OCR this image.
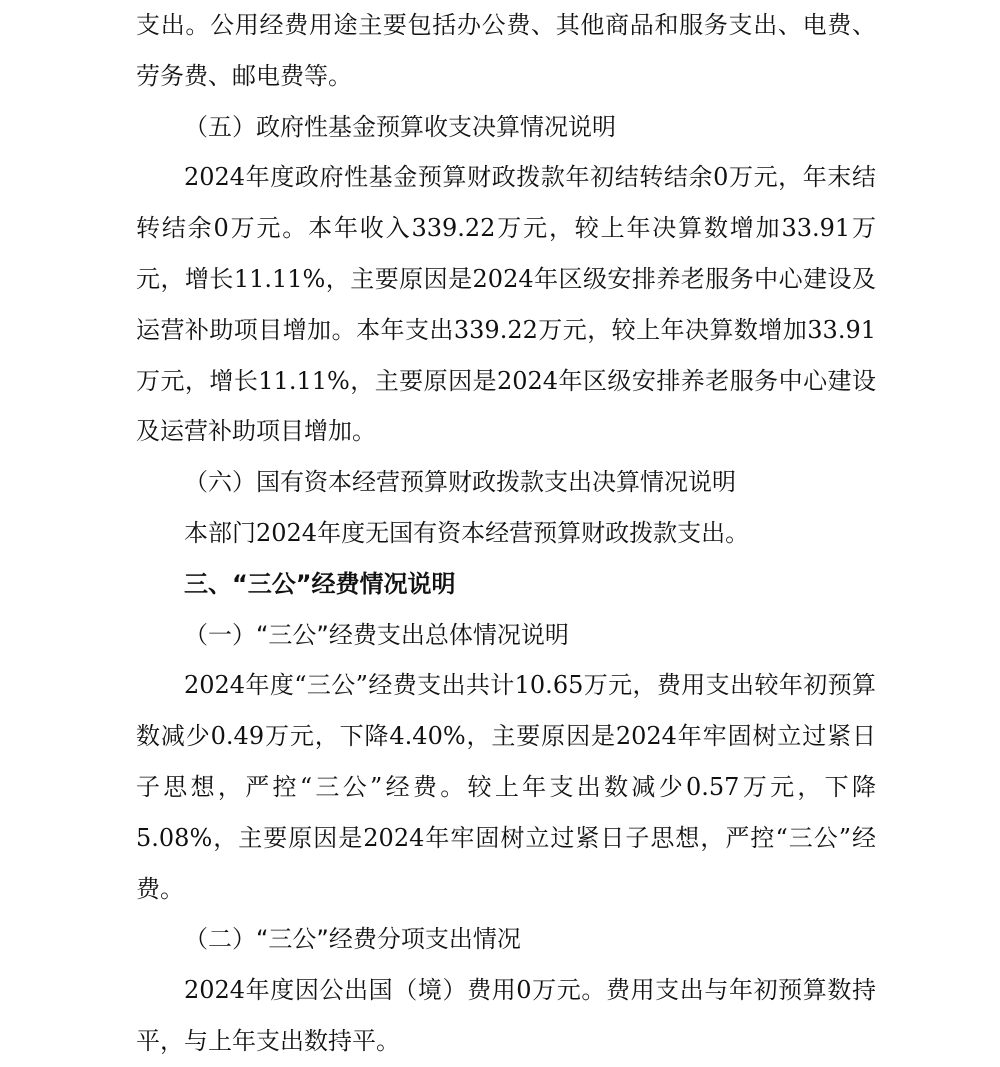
支出。公用经费用途主要包括办公费、其他商品和服务支出、电费、劳务费、邮电费等。

（五）政府性基金预算收支决算情况说明

2024年度政府性基金预算财政拨款年初结转结余0万元，年末结转结余0万元。本年收入339.22万元，较上年决算数增加33.91万元，增长11.11%，主要原因是2024年区级安排养老服务中心建设及运营补助项目增加。本年支出339.22万元，较上年决算数增加33.91万元，增长11.11%，主要原因是2024年区级安排养老服务中心建设及运营补助项目增加。

（六）国有资本经营预算财政拨款支出决算情况说明

本部门2024年度无国有资本经营预算财政拨款支出。

三、“三公”经费情况说明

（一）“三公”经费支出总体情况说明

2024年度“三公”经费支出共计10.65万元，费用支出较年初预算数减少0.49万元，下降4.40%，主要原因是2024年牢固树立过紧日子思想，严控“三公”经费。较上年支出数减少0.57万元，下降5.08%，主要原因是2024年牢固树立过紧日子思想，严控“三公”经费。

（二）“三公”经费分项支出情况

2024年度因公出国（境）费用0万元。费用支出与年初预算数持平，与上年支出数持平。
